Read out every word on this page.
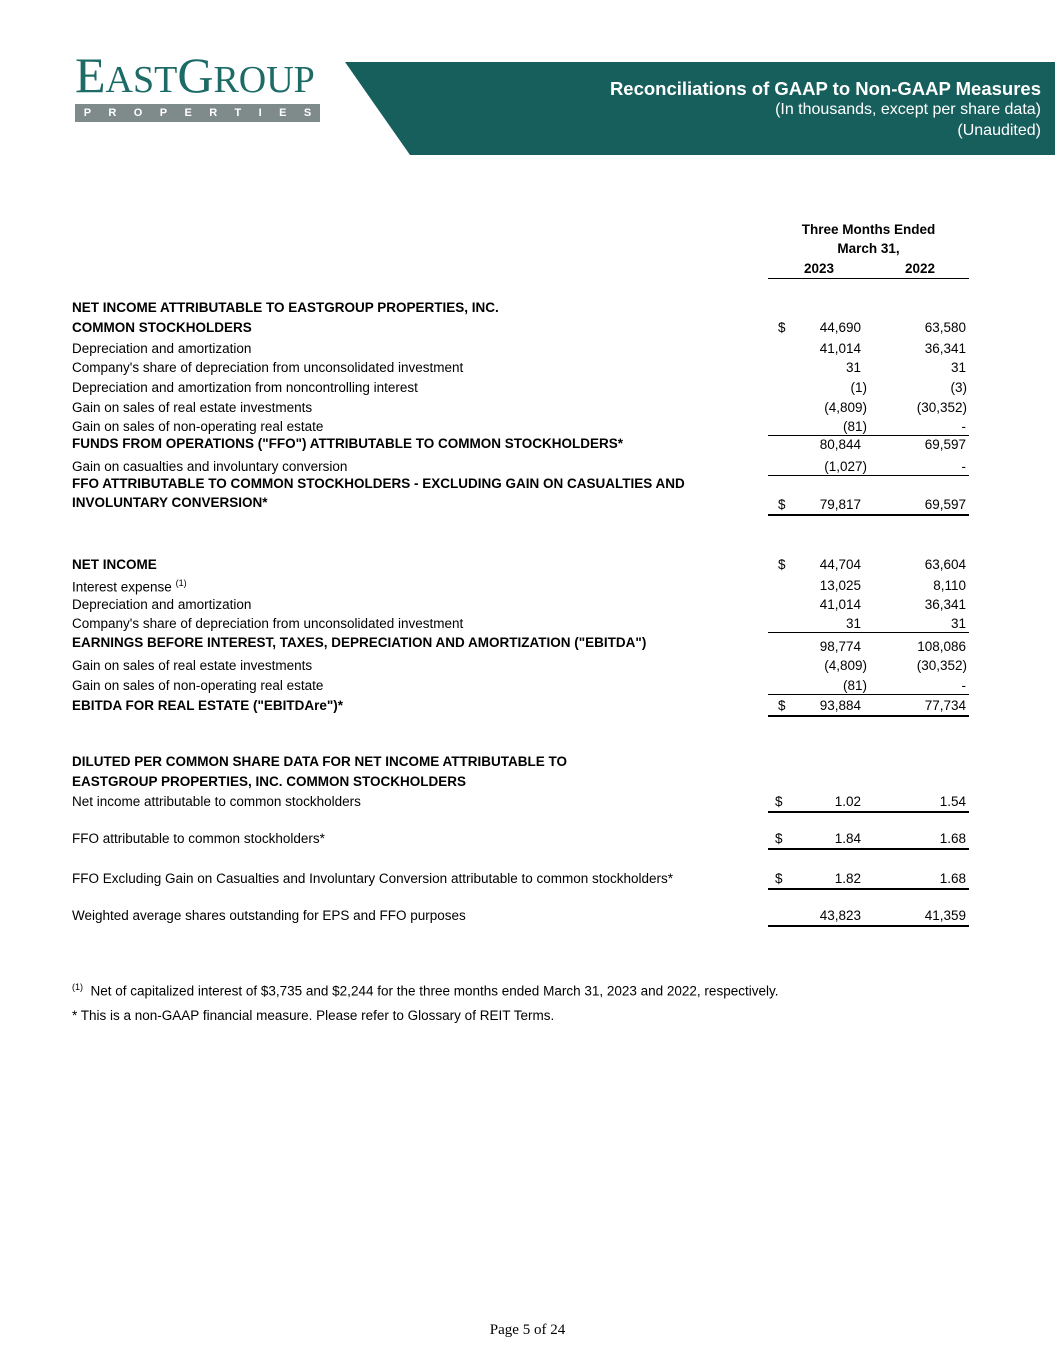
EASTGROUP
P R O P E R T I E S
Reconciliations of GAAP to Non-GAAP Measures
(In thousands, except per share data)
(Unaudited)
Three Months Ended
March 31,
2023	2022
NET INCOME ATTRIBUTABLE TO EASTGROUP PROPERTIES, INC.
COMMON STOCKHOLDERS	$	44,690	63,580
Depreciation and amortization	41,014	36,341
Company's share of depreciation from unconsolidated investment	31	31
Depreciation and amortization from noncontrolling interest	(1)	(3)
Gain on sales of real estate investments	(4,809)	(30,352)
Gain on sales of non-operating real estate	(81)	-
FUNDS FROM OPERATIONS ("FFO") ATTRIBUTABLE TO COMMON STOCKHOLDERS*	80,844	69,597
Gain on casualties and involuntary conversion	(1,027)	-
FFO ATTRIBUTABLE TO COMMON STOCKHOLDERS - EXCLUDING GAIN ON CASUALTIES AND
INVOLUNTARY CONVERSION*	$	79,817	69,597
NET INCOME	$	44,704	63,604
Interest expense $^{(1)}$	13,025	8,110
Depreciation and amortization	41,014	36,341
Company's share of depreciation from unconsolidated investment	31	31
EARNINGS BEFORE INTEREST, TAXES, DEPRECIATION AND AMORTIZATION ("EBITDA")	98,774	108,086
Gain on sales of real estate investments	(4,809)	(30,352)
Gain on sales of non-operating real estate	(81)	-
EBITDA FOR REAL ESTATE ("EBITDAre")*	$	93,884	77,734
DILUTED PER COMMON SHARE DATA FOR NET INCOME ATTRIBUTABLE TO
EASTGROUP PROPERTIES, INC. COMMON STOCKHOLDERS
Net income attributable to common stockholders	$	1.02	1.54
FFO attributable to common stockholders*	$	1.84	1.68
FFO Excluding Gain on Casualties and Involuntary Conversion attributable to common stockholders*	$	1.82	1.68
Weighted average shares outstanding for EPS and FFO purposes	43,823	41,359
$^{(1)}$ Net of capitalized interest of $3,735 and $2,244 for the three months ended March 31, 2023 and 2022, respectively.
* This is a non-GAAP financial measure. Please refer to Glossary of REIT Terms.
Page 5 of 24
